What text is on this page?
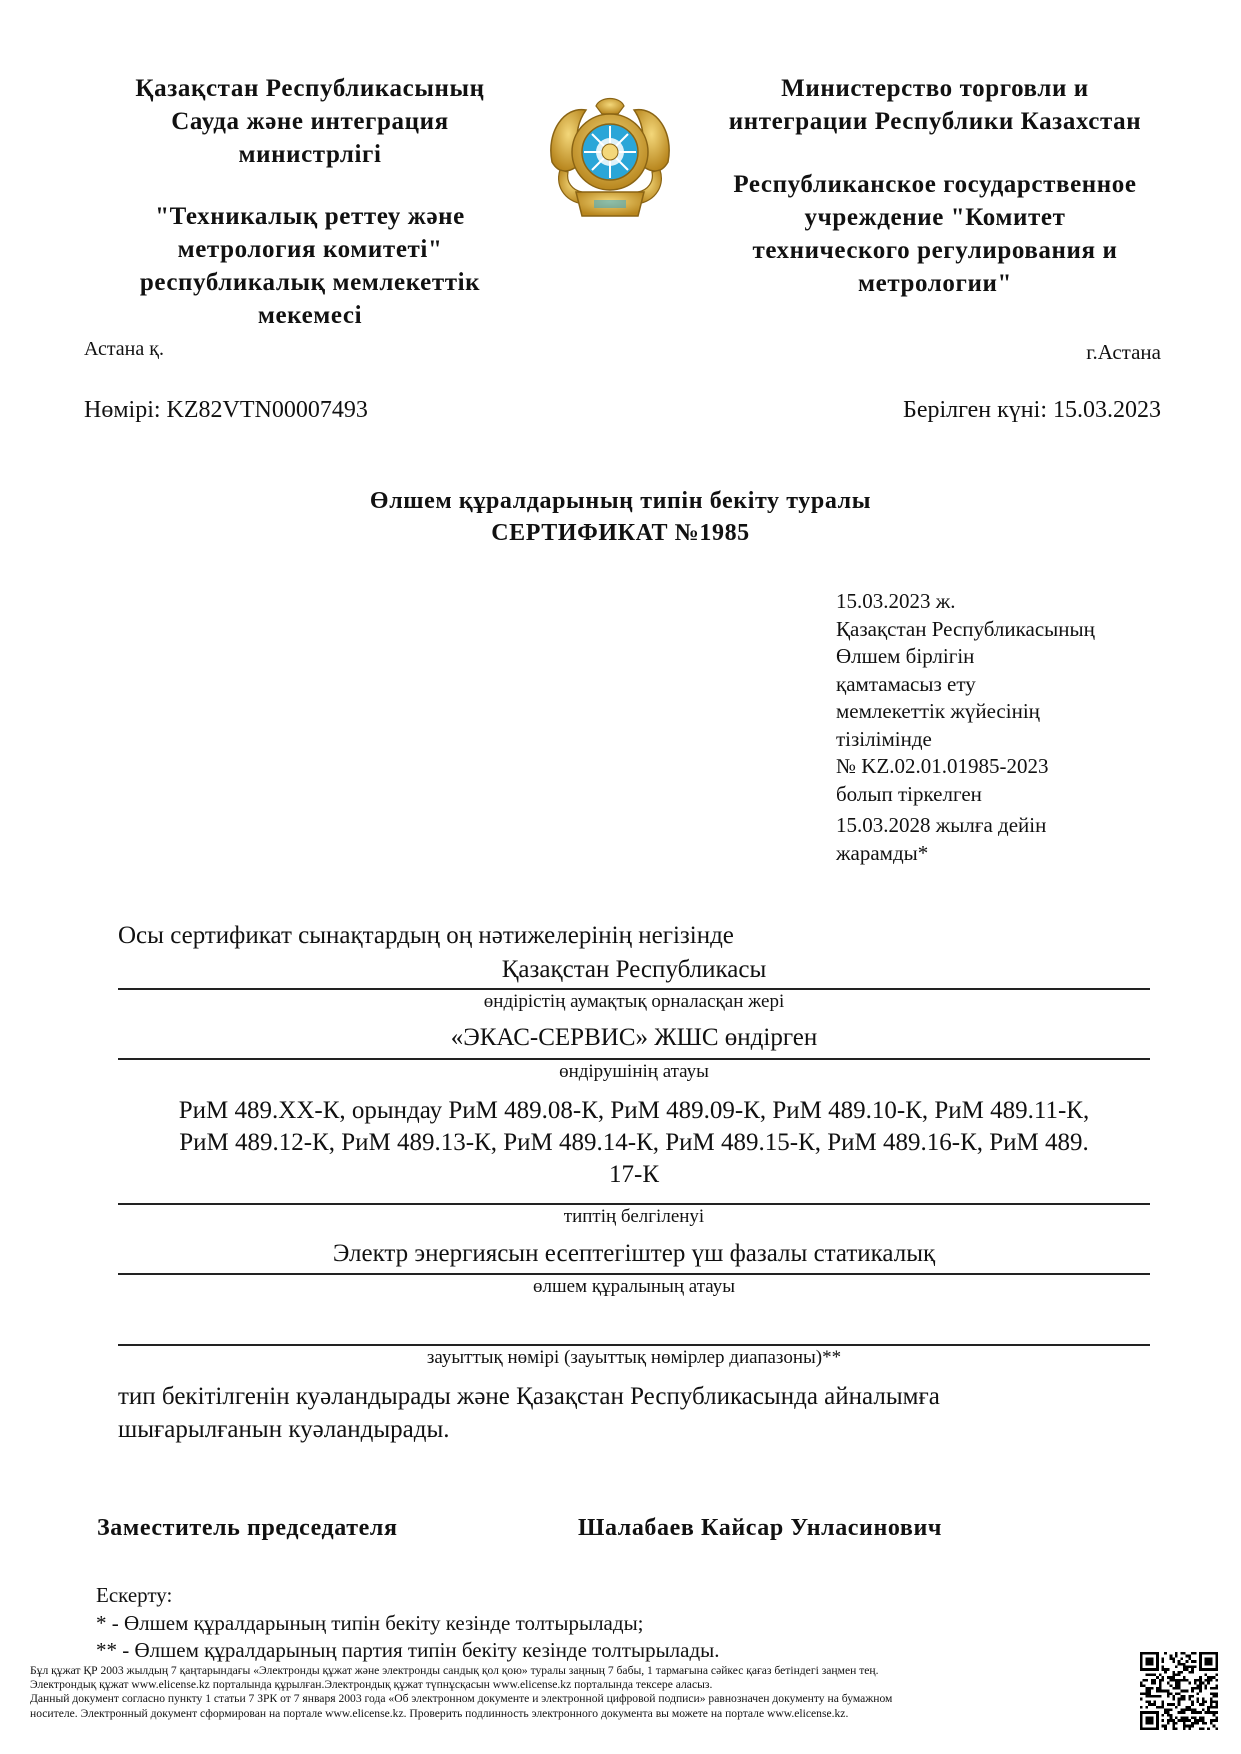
Қазақстан Республикасының

Сауда және интеграция

министрлігі

"Техникалық реттеу және

метрология комитеті"

республикалық мемлекеттік

мекемесі

Министерство торговли и

интеграции Республики Казахстан

Республиканское государственное

учреждение "Комитет

технического регулирования и

метрологии"

Астана қ.	г.Астана
Нөмірі: KZ82VTN00007493	Берілген күні: 15.03.2023
Өлшем құралдарының типін бекіту туралы
СЕРТИФИКАТ №1985

15.03.2023 ж.

Қазақстан Республикасының

Өлшем бірлігін

қамтамасыз ету

мемлекеттік жүйесінің

тізілімінде

№ KZ.02.01.01985-2023

болып тіркелген

15.03.2028 жылға дейін

жарамды*

Осы сертификат сынақтардың оң нәтижелерінің негізінде
Қазақстан Республикасы
өндірістің аумақтық орналасқан жері
«ЭКАС-СЕРВИС» ЖШС өндірген
өндірушінің атауы
РиМ 489.XX-К, орындау РиМ 489.08-К, РиМ 489.09-К, РиМ 489.10-К, РиМ 489.11-К,
РиМ 489.12-К, РиМ 489.13-К, РиМ 489.14-К, РиМ 489.15-К, РиМ 489.16-К, РиМ 489.
17-К
типтің белгіленуі
Электр энергиясын есептегіштер үш фазалы статикалық
өлшем құралының атауы
зауыттық нөмірі (зауыттық нөмірлер диапазоны)**

тип бекітілгенін куәландырады және Қазақстан Республикасында айналымға

шығарылғанын куәландырады.

Заместитель председателя	Шалабаев Кайсар Унласинович

Ескерту:

* - Өлшем құралдарының типін бекіту кезінде толтырылады;

** - Өлшем құралдарының партия типін бекіту кезінде толтырылады.

Бұл құжат ҚР 2003 жылдың 7 қаңтарындағы «Электронды құжат және электронды сандық қол қою» туралы заңның 7 бабы, 1 тармағына сәйкес қағаз бетіндегі заңмен тең.

Электрондық құжат www.elicense.kz порталында құрылған.Электрондық құжат түпнұсқасын www.elicense.kz порталында тексере аласыз.

Данный документ согласно пункту 1 статьи 7 ЗРК от 7 января 2003 года «Об электронном документе и электронной цифровой подписи» равнозначен документу на бумажном

носителе. Электронный документ сформирован на портале www.elicense.kz. Проверить подлинность электронного документа вы можете на портале www.elicense.kz.
